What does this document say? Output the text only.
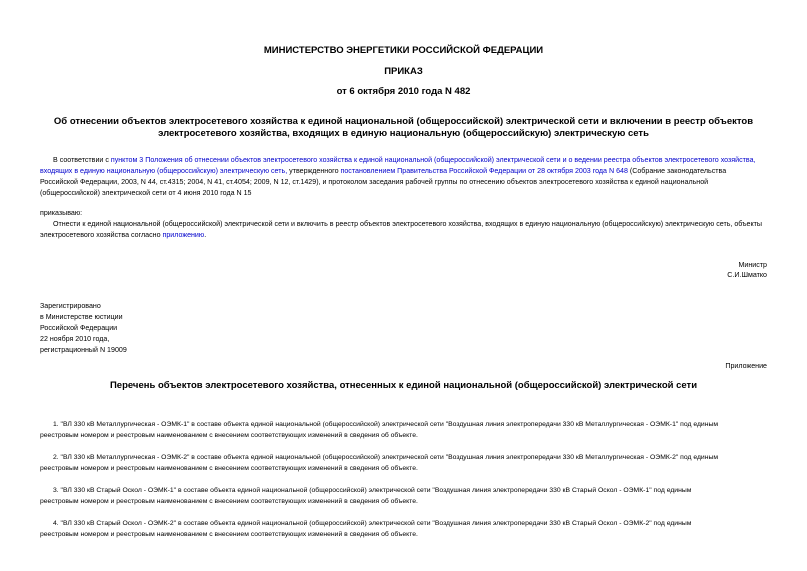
МИНИСТЕРСТВО ЭНЕРГЕТИКИ РОССИЙСКОЙ ФЕДЕРАЦИИ
ПРИКАЗ
от 6 октября 2010 года N 482
Об отнесении объектов электросетевого хозяйства к единой национальной (общероссийской) электрической сети и включении в реестр объектов
электросетевого хозяйства, входящих в единую национальную (общероссийскую) электрическую сеть
В соответствии с пунктом 3 Положения об отнесении объектов электросетевого хозяйства к единой национальной (общероссийской) электрической сети и о ведении реестра объектов электросетевого хозяйства,
входящих в единую национальную (общероссийскую) электрическую сеть, утвержденного постановлением Правительства Российской Федерации от 28 октября 2003 года N 648 (Собрание законодательства
Российской Федерации, 2003, N 44, ст.4315; 2004, N 41, ст.4054; 2009, N 12, ст.1429), и протоколом заседания рабочей группы по отнесению объектов электросетевого хозяйства к единой национальной
(общероссийской) электрической сети от 4 июня 2010 года N 15
приказываю:
Отнести к единой национальной (общероссийской) электрической сети и включить в реестр объектов электросетевого хозяйства, входящих в единую национальную (общероссийскую) электрическую сеть, объекты
электросетевого хозяйства согласно приложению.
Министр
С.И.Шматко
Зарегистрировано
в Министерстве юстиции
Российской Федерации
22 ноября 2010 года,
регистрационный N 19009
Приложение
Перечень объектов электросетевого хозяйства, отнесенных к единой национальной (общероссийской) электрической сети
1. "ВЛ 330 кВ Металлургическая - ОЭМК-1" в составе объекта единой национальной (общероссийской) электрической сети "Воздушная линия электропередачи 330 кВ Металлургическая - ОЭМК-1" под единым
реестровым номером и реестровым наименованием с внесением соответствующих изменений в сведения об объекте.
2. "ВЛ 330 кВ Металлургическая - ОЭМК-2" в составе объекта единой национальной (общероссийской) электрической сети "Воздушная линия электропередачи 330 кВ Металлургическая - ОЭМК-2" под единым
реестровым номером и реестровым наименованием с внесением соответствующих изменений в сведения об объекте.
3. "ВЛ 330 кВ Старый Оскол - ОЭМК-1" в составе объекта единой национальной (общероссийской) электрической сети "Воздушная линия электропередачи 330 кВ Старый Оскол - ОЭМК-1" под единым
реестровым номером и реестровым наименованием с внесением соответствующих изменений в сведения об объекте.
4. "ВЛ 330 кВ Старый Оскол - ОЭМК-2" в составе объекта единой национальной (общероссийской) электрической сети "Воздушная линия электропередачи 330 кВ Старый Оскол - ОЭМК-2" под единым
реестровым номером и реестровым наименованием с внесением соответствующих изменений в сведения об объекте.
